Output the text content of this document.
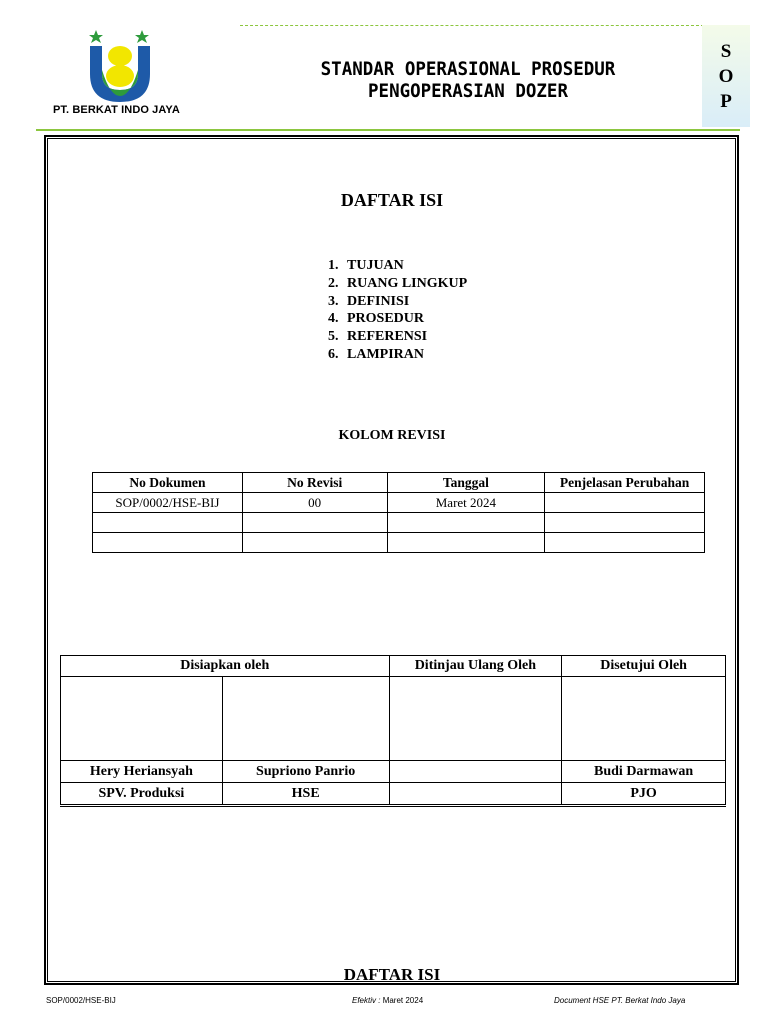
PT. BERKAT INDO JAYA
STANDAR OPERASIONAL PROSEDUR
PENGOPERASIAN DOZER
S
O
P
DAFTAR ISI
1. TUJUAN
2. RUANG LINGKUP
3. DEFINISI
4. PROSEDUR
5. REFERENSI
6. LAMPIRAN
KOLOM REVISI
No Dokumen	No Revisi	Tanggal	Penjelasan Perubahan
SOP/0002/HSE-BIJ	00	Maret 2024	

Disiapkan oleh		Ditinjau Ulang Oleh	Disetujui Oleh

Hery Heriansyah	Supriono Panrio		Budi Darmawan
SPV. Produksi	HSE		PJO
DAFTAR ISI
SOP/0002/HSE-BIJ	Efektiv : Maret 2024	Document HSE PT. Berkat Indo Jaya
